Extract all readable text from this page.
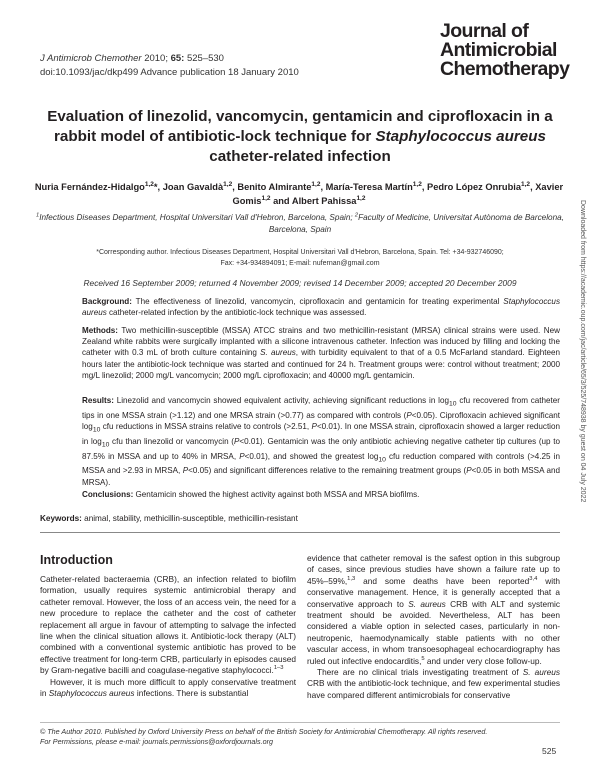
J Antimicrob Chemother 2010; 65: 525–530
doi:10.1093/jac/dkp499 Advance publication 18 January 2010
Journal of
Antimicrobial
Chemotherapy
Evaluation of linezolid, vancomycin, gentamicin and ciprofloxacin in a rabbit model of antibiotic-lock technique for Staphylococcus aureus catheter-related infection
Nuria Fernández-Hidalgo$^{1,2}$*, Joan Gavaldà$^{1,2}$, Benito Almirante$^{1,2}$, María-Teresa Martín$^{1,2}$, Pedro López Onrubia$^{1,2}$, Xavier Gomis$^{1,2}$ and Albert Pahissa$^{1,2}$
$^1$Infectious Diseases Department, Hospital Universitari Vall d'Hebron, Barcelona, Spain; $^2$Faculty of Medicine, Universitat Autònoma de Barcelona, Barcelona, Spain
*Corresponding author. Infectious Diseases Department, Hospital Universitari Vall d'Hebron, Barcelona, Spain. Tel: +34-932746090;
Fax: +34-934894091; E-mail: nufernan@gmail.com
Received 16 September 2009; returned 4 November 2009; revised 14 December 2009; accepted 20 December 2009
Background: The effectiveness of linezolid, vancomycin, ciprofloxacin and gentamicin for treating experimental Staphylococcus aureus catheter-related infection by the antibiotic-lock technique was assessed.
Methods: Two methicillin-susceptible (MSSA) ATCC strains and two methicillin-resistant (MRSA) clinical strains were used. New Zealand white rabbits were surgically implanted with a silicone intravenous catheter. Infection was induced by filling and locking the catheter with 0.3 mL of broth culture containing S. aureus, with turbidity equivalent to that of a 0.5 McFarland standard. Eighteen hours later the antibiotic-lock technique was started and continued for 24 h. Treatment groups were: control without treatment; 2000 mg/L linezolid; 2000 mg/L vancomycin; 2000 mg/L ciprofloxacin; and 40000 mg/L gentamicin.
Results: Linezolid and vancomycin showed equivalent activity, achieving significant reductions in $\log_{10}$ cfu recovered from catheter tips in one MSSA strain (>1.12) and one MRSA strain (>0.77) as compared with controls (P<0.05). Ciprofloxacin achieved significant $\log_{10}$ cfu reductions in MSSA strains relative to controls (>2.51, P<0.01). In one MSSA strain, ciprofloxacin showed a larger reduction in $\log_{10}$ cfu than linezolid or vancomycin (P<0.01). Gentamicin was the only antibiotic achieving negative catheter tip cultures (up to 87.5% in MSSA and up to 40% in MRSA, P<0.01), and showed the greatest $\log_{10}$ cfu reduction compared with controls (>4.25 in MSSA and >2.93 in MRSA, P<0.05) and significant differences relative to the remaining treatment groups (P<0.05 in both MSSA and MRSA).
Conclusions: Gentamicin showed the highest activity against both MSSA and MRSA biofilms.
Keywords: animal, stability, methicillin-susceptible, methicillin-resistant
Introduction
Catheter-related bacteraemia (CRB), an infection related to biofilm formation, usually requires systemic antimicrobial therapy and catheter removal. However, the loss of an access vein, the need for a new procedure to replace the catheter and the cost of catheter replacement all argue in favour of attempting to salvage the infected line when the clinical situation allows it. Antibiotic-lock therapy (ALT) combined with a conventional systemic antibiotic has proved to be effective treatment for long-term CRB, particularly in episodes caused by Gram-negative bacilli and coagulase-negative staphylococci.$^{1-3}$
However, it is much more difficult to apply conservative treatment in Staphylococcus aureus infections. There is substantial
evidence that catheter removal is the safest option in this subgroup of cases, since previous studies have shown a failure rate up to 45%–59%,$^{1,3}$ and some deaths have been reported$^{3,4}$ with conservative management. Hence, it is generally accepted that a conservative approach to S. aureus CRB with ALT and systemic treatment should be avoided. Nevertheless, ALT has been considered a viable option in selected cases, particularly in non-neutropenic, haemodynamically stable patients with no other vascular access, in whom transoesophageal echocardiography has ruled out infective endocarditis,$^5$ and under very close follow-up.
There are no clinical trials investigating treatment of S. aureus CRB with the antibiotic-lock technique, and few experimental studies have compared different antimicrobials for conservative
© The Author 2010. Published by Oxford University Press on behalf of the British Society for Antimicrobial Chemotherapy. All rights reserved.
For Permissions, please e-mail: journals.permissions@oxfordjournals.org
525
Downloaded from https://academic.oup.com/jac/article/65/3/525/748938 by guest on 04 July 2022
